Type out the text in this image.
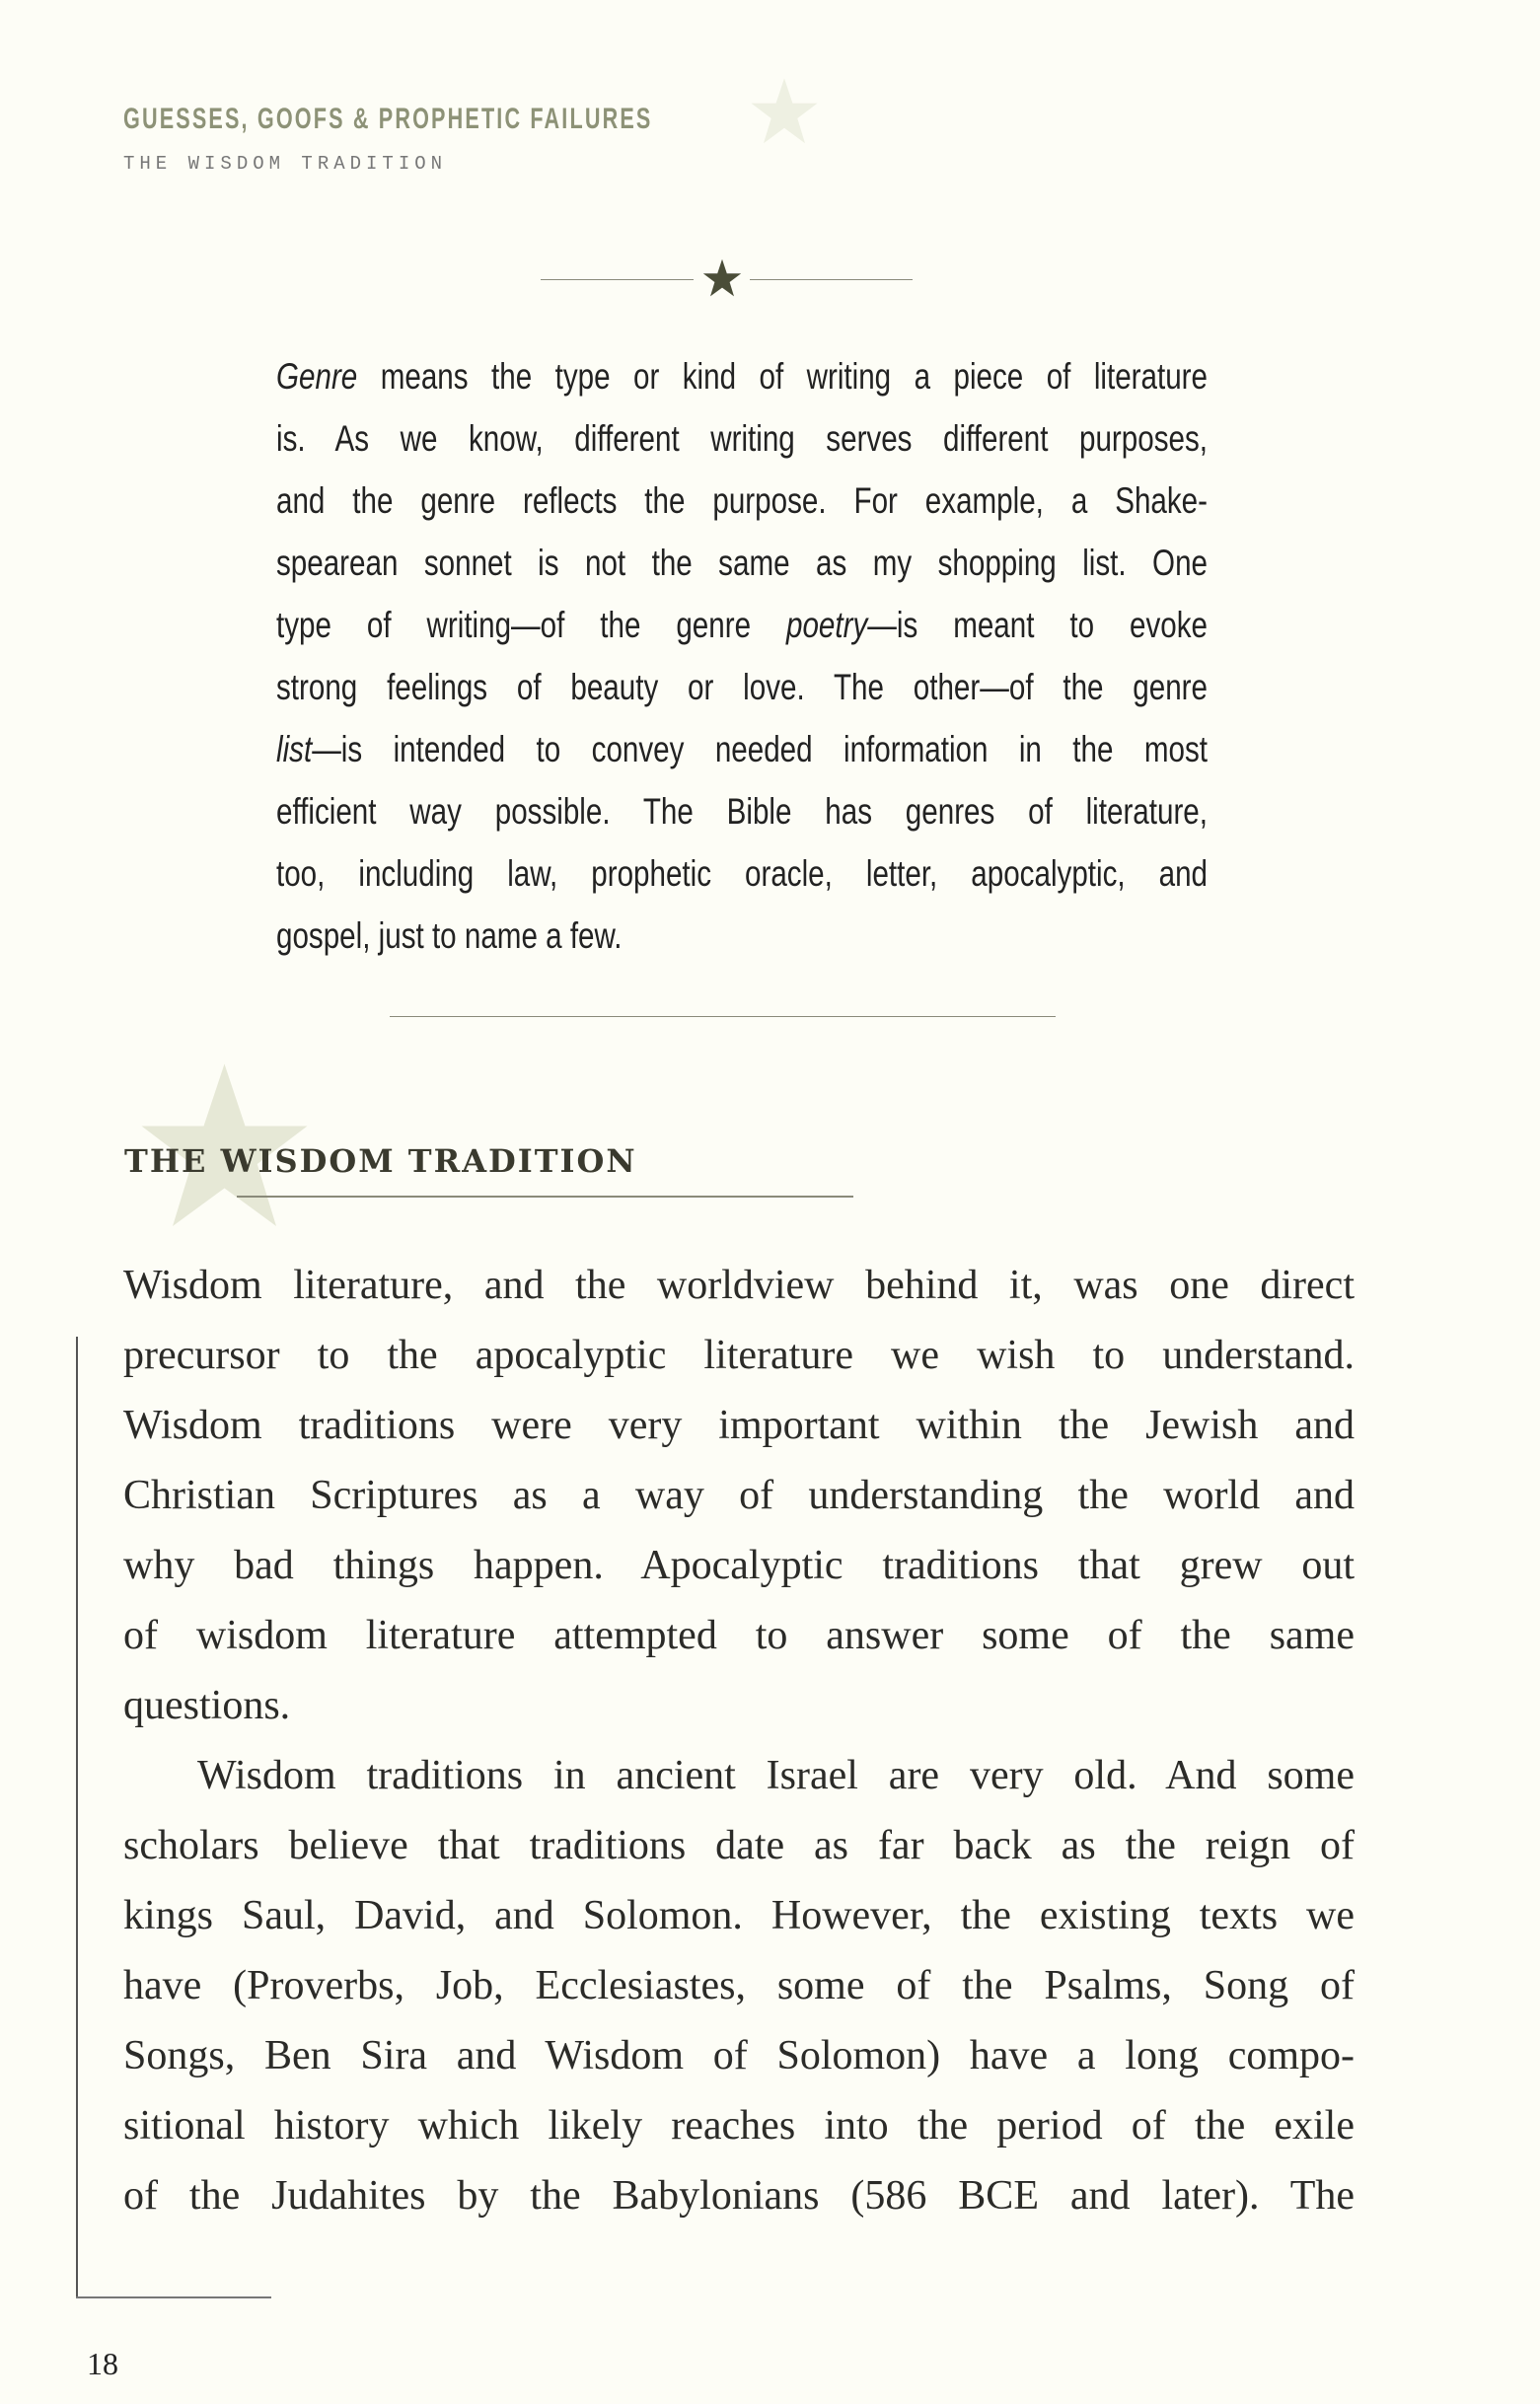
GUESSES, GOOFS & PROPHETIC FAILURES
THE WISDOM TRADITION
Genre means the type or kind of writing a piece of literature
is. As we know, different writing serves different purposes,
and the genre reflects the purpose. For example, a Shake-
spearean sonnet is not the same as my shopping list. One
type of writing—of the genre poetry—is meant to evoke
strong feelings of beauty or love. The other—of the genre
list—is intended to convey needed information in the most
efficient way possible. The Bible has genres of literature,
too, including law, prophetic oracle, letter, apocalyptic, and
gospel, just to name a few.
THE WISDOM TRADITION
Wisdom literature, and the worldview behind it, was one direct
precursor to the apocalyptic literature we wish to understand.
Wisdom traditions were very important within the Jewish and
Christian Scriptures as a way of understanding the world and
why bad things happen. Apocalyptic traditions that grew out
of wisdom literature attempted to answer some of the same
questions.
Wisdom traditions in ancient Israel are very old. And some
scholars believe that traditions date as far back as the reign of
kings Saul, David, and Solomon. However, the existing texts we
have (Proverbs, Job, Ecclesiastes, some of the Psalms, Song of
Songs, Ben Sira and Wisdom of Solomon) have a long compo-
sitional history which likely reaches into the period of the exile
of the Judahites by the Babylonians (586 BCE and later). The
18
